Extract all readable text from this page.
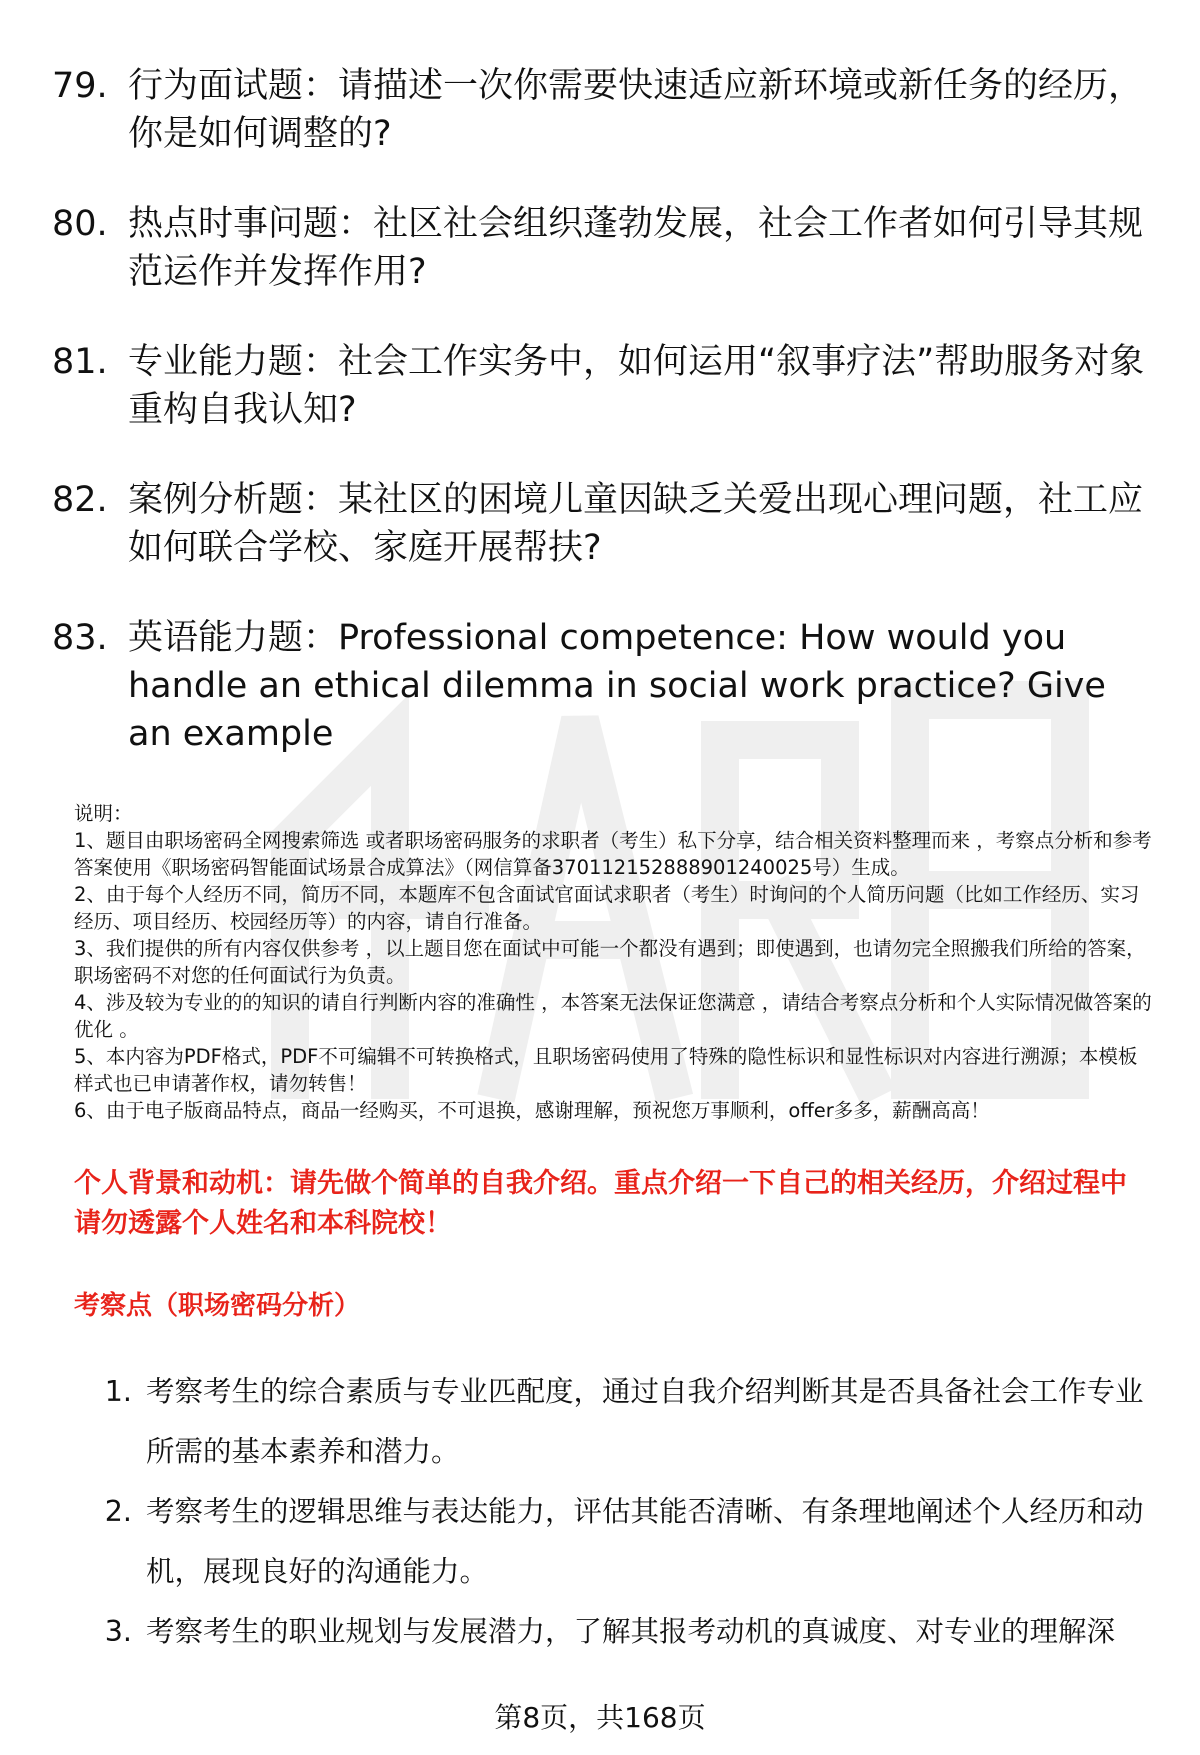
79. 行为面试题：请描述一次你需要快速适应新环境或新任务的经历，你是如何调整的?
80. 热点时事问题：社区社会组织蓬勃发展，社会工作者如何引导其规范运作并发挥作用?
81. 专业能力题：社会工作实务中，如何运用“叙事疗法”帮助服务对象重构自我认知?
82. 案例分析题：某社区的困境儿童因缺乏关爱出现心理问题，社工应如何联合学校、家庭开展帮扶?
83. 英语能力题：Professional competence: How would you handle an ethical dilemma in social work practice? Give an example

说明：

1、题目由职场密码全网搜索筛选 或者职场密码服务的求职者（考生）私下分享，结合相关资料整理而来 ，考察点分析和参考答案使用《职场密码智能面试场景合成算法》（网信算备370112152888901240025号）生成。

2、由于每个人经历不同，简历不同，本题库不包含面试官面试求职者（考生）时询问的个人简历问题（比如工作经历、实习经历、项目经历、校园经历等）的内容，请自行准备。

3、我们提供的所有内容仅供参考 ，以上题目您在面试中可能一个都没有遇到；即使遇到，也请勿完全照搬我们所给的答案，职场密码不对您的任何面试行为负责。

4、涉及较为专业的的知识的请自行判断内容的准确性 ，本答案无法保证您满意 ，请结合考察点分析和个人实际情况做答案的优化 。

5、本内容为PDF格式，PDF不可编辑不可转换格式，且职场密码使用了特殊的隐性标识和显性标识对内容进行溯源；本模板样式也已申请著作权，请勿转售！

6、由于电子版商品特点，商品一经购买，不可退换，感谢理解，预祝您万事顺利，offer多多，薪酬高高！

个人背景和动机：请先做个简单的自我介绍。重点介绍一下自己的相关经历，介绍过程中请勿透露个人姓名和本科院校！
考察点（职场密码分析）
1. 考察考生的综合素质与专业匹配度，通过自我介绍判断其是否具备社会工作专业所需的基本素养和潜力。
2. 考察考生的逻辑思维与表达能力，评估其能否清晰、有条理地阐述个人经历和动机，展现良好的沟通能力。
3. 考察考生的职业规划与发展潜力，了解其报考动机的真诚度、对专业的理解深
第8页，共168页
